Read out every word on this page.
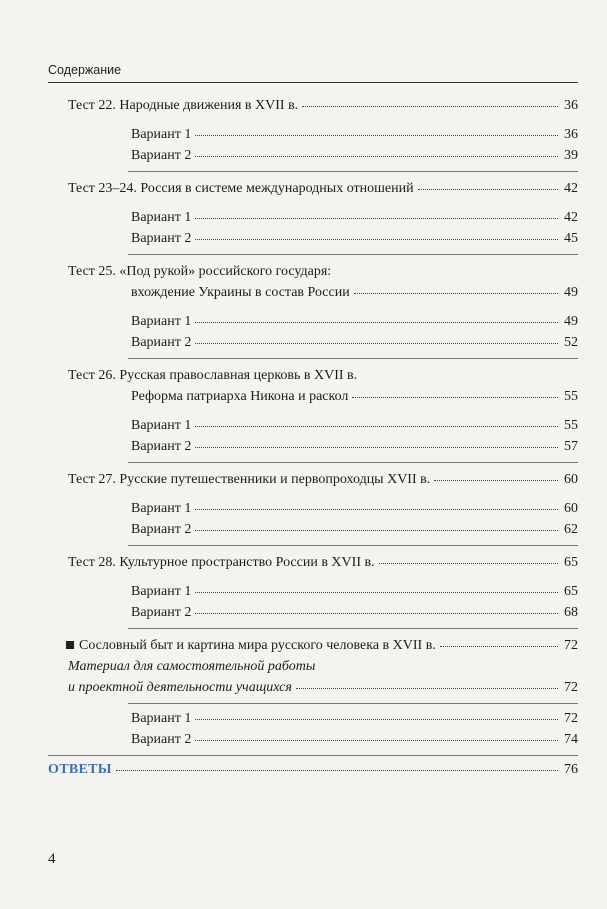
Содержание
Тест 22. Народные движения в XVII в.	36
Вариант 1	36
Вариант 2	39
Тест 23–24. Россия в системе международных отношений	42
Вариант 1	42
Вариант 2	45
Тест 25. «Под рукой» российского государя:
вхождение Украины в состав России	49
Вариант 1	49
Вариант 2	52
Тест 26. Русская православная церковь в XVII в.
Реформа патриарха Никона и раскол	55
Вариант 1	55
Вариант 2	57
Тест 27. Русские путешественники и первопроходцы XVII в.	60
Вариант 1	60
Вариант 2	62
Тест 28. Культурное пространство России в XVII в.	65
Вариант 1	65
Вариант 2	68
Сословный быт и картина мира русского человека в XVII в.	72
Материал для самостоятельной работы
и проектной деятельности учащихся	72
Вариант 1	72
Вариант 2	74
ОТВЕТЫ	76
4
